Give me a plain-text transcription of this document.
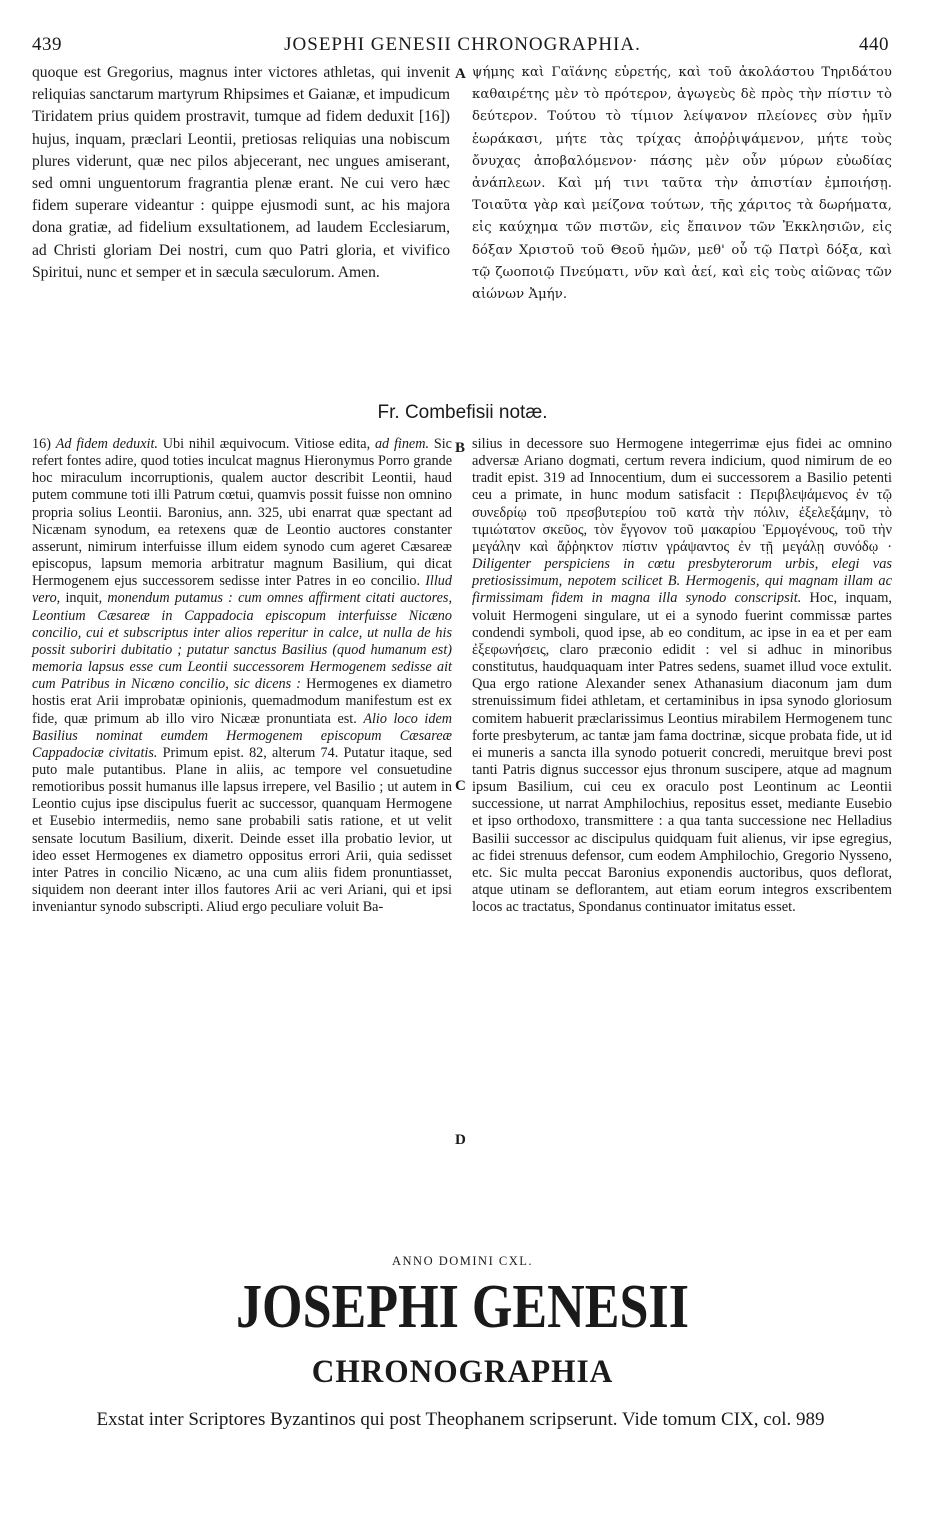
439	JOSEPHI GENESII CHRONOGRAPHIA.	440
quoque est Gregorius, magnus inter victores athletas, qui invenit reliquias sanctarum martyrum Rhipsimes et Gaianæ, et impudicum Tiridatem prius quidem prostravit, tumque ad fidem deduxit [16]) hujus, inquam, præclari Leontii, pretiosas reliquias una nobiscum plures viderunt, quæ nec pilos abjecerant, nec ungues amiserant, sed omni unguentorum fragrantia plenæ erant. Ne cui vero hæc fidem superare videantur : quippe ejusmodi sunt, ac his majora dona gratiæ, ad fidelium exsultationem, ad laudem Ecclesiarum, ad Christi gloriam Dei nostri, cum quo Patri gloria, et vivifico Spiritui, nunc et semper et in sæcula sæculorum. Amen.
A ψήμης καὶ Γαϊάνης εὑρετής, καὶ τοῦ ἀκολάστου Τηριδάτου καθαιρέτης μὲν τὸ πρότερον, ἀγωγεὺς δὲ πρὸς τὴν πίστιν τὸ δεύτερον. Τούτου τὸ τίμιον λείψανον πλείονες σὺν ἡμῖν ἑωράκασι, μήτε τὰς τρίχας ἀποῤῥιψάμενον, μήτε τοὺς ὄνυχας ἀποβαλόμενον· πάσης μὲν οὖν μύρων εὐωδίας ἀνάπλεων. Καὶ μή τινι ταῦτα τὴν ἀπιστίαν ἐμποιήσῃ. Τοιαῦτα γὰρ καὶ μείζονα τούτων, τῆς χάριτος τὰ δωρήματα, εἰς καύχημα τῶν πιστῶν, εἰς ἔπαινον τῶν Ἐκκλησιῶν, εἰς δόξαν Χριστοῦ τοῦ Θεοῦ ἡμῶν, μεθ' οὗ τῷ Πατρὶ δόξα, καὶ τῷ ζωοποιῷ Πνεύματι, νῦν καὶ ἀεί, καὶ εἰς τοὺς αἰῶνας τῶν αἰώνων Ἀμήν.
Fr. Combefisii notæ.
16) Ad fidem deduxit. Ubi nihil æquivocum. Vitiose edita, ad finem. Sic refert fontes adire, quod toties inculcat magnus Hieronymus Porro grande hoc miraculum incorruptionis, qualem auctor describit Leontii, haud putem commune toti illi Patrum cœtui, quamvis possit fuisse non omnino propria solius Leontii. Baronius, ann. 325, ubi enarrat quæ spectant ad Nicænam synodum, ea retexens quæ de Leontio auctores constanter asserunt, nimirum interfuisse illum eidem synodo cum ageret Cæsareæ episcopus, lapsum memoria arbitratur magnum Basilium, qui dicat Hermogenem ejus successorem sedisse inter Patres in eo concilio. Illud vero, inquit, monendum putamus : cum omnes affirment citati auctores, Leontium Cæsareæ in Cappadocia episcopum interfuisse Nicæno concilio, cui et subscriptus inter alios reperitur in calce, ut nulla de his possit suboriri dubitatio ; putatur sanctus Basilius (quod humanum est) memoria lapsus esse cum Leontii successorem Hermogenem sedisse ait cum Patribus in Nicæno concilio, sic dicens : Hermogenes ex diametro hostis erat Arii improbatæ opinionis, quemadmodum manifestum est ex fide, quæ primum ab illo viro Nicææ pronuntiata est. Alio loco idem Basilius nominat eumdem Hermogenem episcopum Cæsareæ Cappadociæ civitatis. Primum epist. 82, alterum 74. Putatur itaque, sed puto male putantibus. Plane in aliis, ac tempore vel consuetudine remotioribus possit humanus ille lapsus irrepere, vel Basilio ; ut autem in Leontio cujus ipse discipulus fuerit ac successor, quanquam Hermogene et Eusebio intermediis, nemo sane probabili satis ratione, et ut velit sensate locutum Basilium, dixerit. Deinde esset illa probatio levior, ut ideo esset Hermogenes ex diametro oppositus errori Arii, quia sedisset inter Patres in concilio Nicæno, ac una cum aliis fidem pronuntiasset, siquidem non deerant inter illos fautores Arii ac veri Ariani, qui et ipsi inveniantur synodo subscripti. Aliud ergo peculiare voluit Ba-
B
C
D
silius in decessore suo Hermogene integerrimæ ejus fidei ac omnino adversæ Ariano dogmati, certum revera indicium, quod nimirum de eo tradit epist. 319 ad Innocentium, dum ei successorem a Basilio petenti ceu a primate, in hunc modum satisfacit : Περιβλεψάμενος ἐν τῷ συνεδρίῳ τοῦ πρεσβυτερίου τοῦ κατὰ τὴν πόλιν, ἐξελεξάμην, τὸ τιμιώτατον σκεῦος, τὸν ἔγγονον τοῦ μακαρίου Ἑρμογένους, τοῦ τὴν μεγάλην καὶ ἄῤῥηκτον πίστιν γράψαντος ἐν τῇ μεγάλῃ συνόδῳ · Diligenter perspiciens in cœtu presbyterorum urbis, elegi vas pretiosissimum, nepotem scilicet B. Hermogenis, qui magnam illam ac firmissimam fidem in magna illa synodo conscripsit. Hoc, inquam, voluit Hermogeni singulare, ut ei a synodo fuerint commissæ partes condendi symboli, quod ipse, ab eo conditum, ac ipse in ea et per eam ἐξεφωνήσεις, claro præconio edidit : vel si adhuc in minoribus constitutus, haudquaquam inter Patres sedens, suamet illud voce extulit. Qua ergo ratione Alexander senex Athanasium diaconum jam dum strenuissimum fidei athletam, et certaminibus in ipsa synodo gloriosum comitem habuerit præclarissimus Leontius mirabilem Hermogenem tunc forte presbyterum, ac tantæ jam fama doctrinæ, sicque probata fide, ut id ei muneris a sancta illa synodo potuerit concredi, meruitque brevi post tanti Patris dignus successor ejus thronum suscipere, atque ad magnum ipsum Basilium, cui ceu ex oraculo post Leontinum ac Leontii successione, ut narrat Amphilochius, repositus esset, mediante Eusebio et ipso orthodoxo, transmittere : a qua tanta successione nec Helladius Basilii successor ac discipulus quidquam fuit alienus, vir ipse egregius, ac fidei strenuus defensor, cum eodem Amphilochio, Gregorio Nysseno, etc. Sic multa peccat Baronius exponendis auctoribus, quos deflorat, atque utinam se deflorantem, aut etiam eorum integros exscribentem locos ac tractatus, Spondanus continuator imitatus esset.
ANNO DOMINI CXL.
JOSEPHI GENESII
CHRONOGRAPHIA
Exstat inter Scriptores Byzantinos qui post Theophanem scripserunt. Vide tomum CIX, col. 989
